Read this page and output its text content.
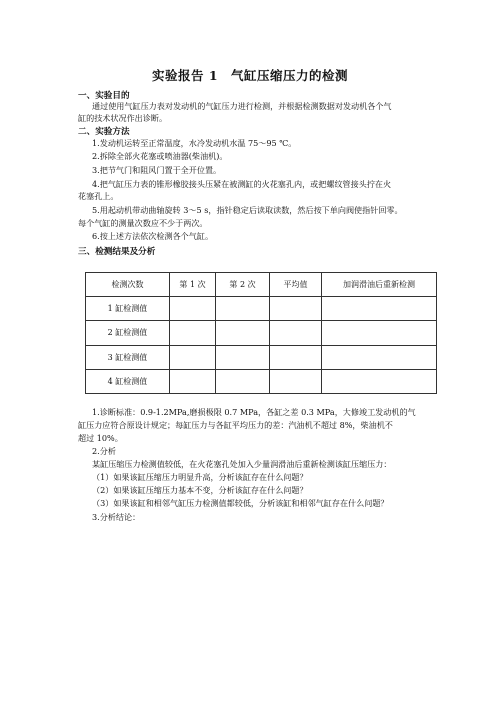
实验报告 1　气缸压缩压力的检测
一、实验目的
通过使用气缸压力表对发动机的气缸压力进行检测，并根据检测数据对发动机各个气
缸的技术状况作出诊断。
二、实验方法
1.发动机运转至正常温度，水冷发动机水温 75～95 ℃。
2.拆除全部火花塞或喷油器(柴油机)。
3.把节气门和阻风门置于全开位置。
4.把气缸压力表的锥形橡胶接头压紧在被测缸的火花塞孔内，或把螺纹管接头拧在火
花塞孔上。
5.用起动机带动曲轴旋转 3～5 s，指针稳定后读取读数，然后按下单向阀使指针回零。
每个气缸的测量次数应不少于两次。
6.按上述方法依次检测各个气缸。
三、检测结果及分析
检测次数	第 1 次	第 2 次	平均值	加润滑油后重新检测
1 缸检测值				
2 缸检测值				
3 缸检测值				
4 缸检测值				
1.诊断标准：0.9-1.2MPa,磨损极限 0.7 MPa，各缸之差 0.3 MPa，大修竣工发动机的气
缸压力应符合原设计规定；每缸压力与各缸平均压力的差：汽油机不超过 8%，柴油机不
超过 10%。
2.分析
某缸压缩压力检测值较低，在火花塞孔处加入少量润滑油后重新检测该缸压缩压力：
（1）如果该缸压缩压力明显升高，分析该缸存在什么问题？
（2）如果该缸压缩压力基本不变，分析该缸存在什么问题？
（3）如果该缸和相邻气缸压力检测值都较低，分析该缸和相邻气缸存在什么问题？
3.分析结论：
